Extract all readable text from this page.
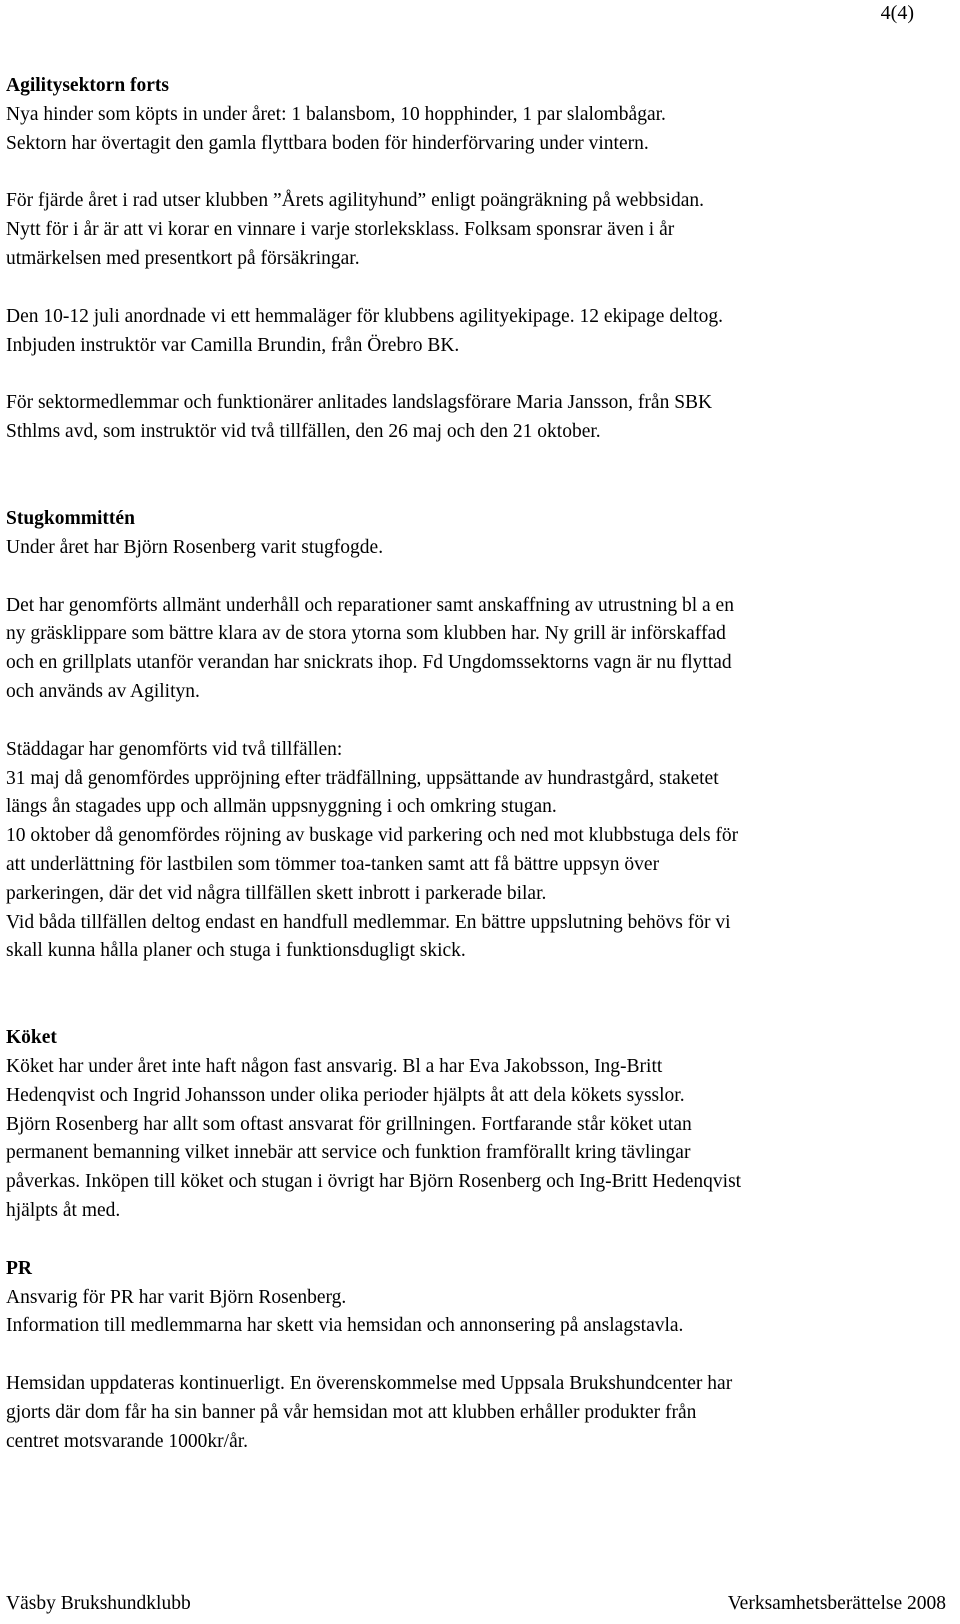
4(4)

Agilitysektorn forts

Nya hinder som köpts in under året: 1 balansbom, 10 hopphinder, 1 par slalombågar.
Sektorn har övertagit den gamla flyttbara boden för hinderförvaring under vintern.
För fjärde året i rad utser klubben ”Årets agilityhund” enligt poängräkning på webbsidan.
Nytt för i år är att vi korar en vinnare i varje storleksklass. Folksam sponsrar även i år
utmärkelsen med presentkort på försäkringar.
Den 10-12 juli anordnade vi ett hemmaläger för klubbens agilityekipage. 12 ekipage deltog.
Inbjuden instruktör var Camilla Brundin, från Örebro BK.
För sektormedlemmar och funktionärer anlitades landslagsförare Maria Jansson, från SBK
Sthlms avd, som instruktör vid två tillfällen, den 26 maj och den 21 oktober.

Stugkommittén

Under året har Björn Rosenberg varit stugfogde.
Det har genomförts allmänt underhåll och reparationer samt anskaffning av utrustning bl a en
ny gräsklippare som bättre klara av de stora ytorna som klubben har. Ny grill är införskaffad
och en grillplats utanför verandan har snickrats ihop. Fd Ungdomssektorns vagn är nu flyttad
och används av Agilityn.
Städdagar har genomförts vid två tillfällen:
31 maj då genomfördes uppröjning efter trädfällning, uppsättande av hundrastgård, staketet
längs ån stagades upp och allmän uppsnyggning i och omkring stugan.
10 oktober då genomfördes röjning av buskage vid parkering och ned mot klubbstuga dels för
att underlättning för lastbilen som tömmer toa-tanken samt att få bättre uppsyn över
parkeringen, där det vid några tillfällen skett inbrott i parkerade bilar.
Vid båda tillfällen deltog endast en handfull medlemmar. En bättre uppslutning behövs för vi
skall kunna hålla planer och stuga i funktionsdugligt skick.

Köket

Köket har under året inte haft någon fast ansvarig. Bl a har Eva Jakobsson, Ing-Britt
Hedenqvist och Ingrid Johansson under olika perioder hjälpts åt att dela kökets sysslor.
Björn Rosenberg har allt som oftast ansvarat för grillningen. Fortfarande står köket utan
permanent bemanning vilket innebär att service och funktion framförallt kring tävlingar
påverkas. Inköpen till köket och stugan i övrigt har Björn Rosenberg och Ing-Britt Hedenqvist
hjälpts åt med.

PR

Ansvarig för PR har varit Björn Rosenberg.
Information till medlemmarna har skett via hemsidan och annonsering på anslagstavla.
Hemsidan uppdateras kontinuerligt. En överenskommelse med Uppsala Brukshundcenter har
gjorts där dom får ha sin banner på vår hemsidan mot att klubben erhåller produkter från
centret motsvarande 1000kr/år.
Väsby Brukshundklubb	Verksamhetsberättelse 2008
